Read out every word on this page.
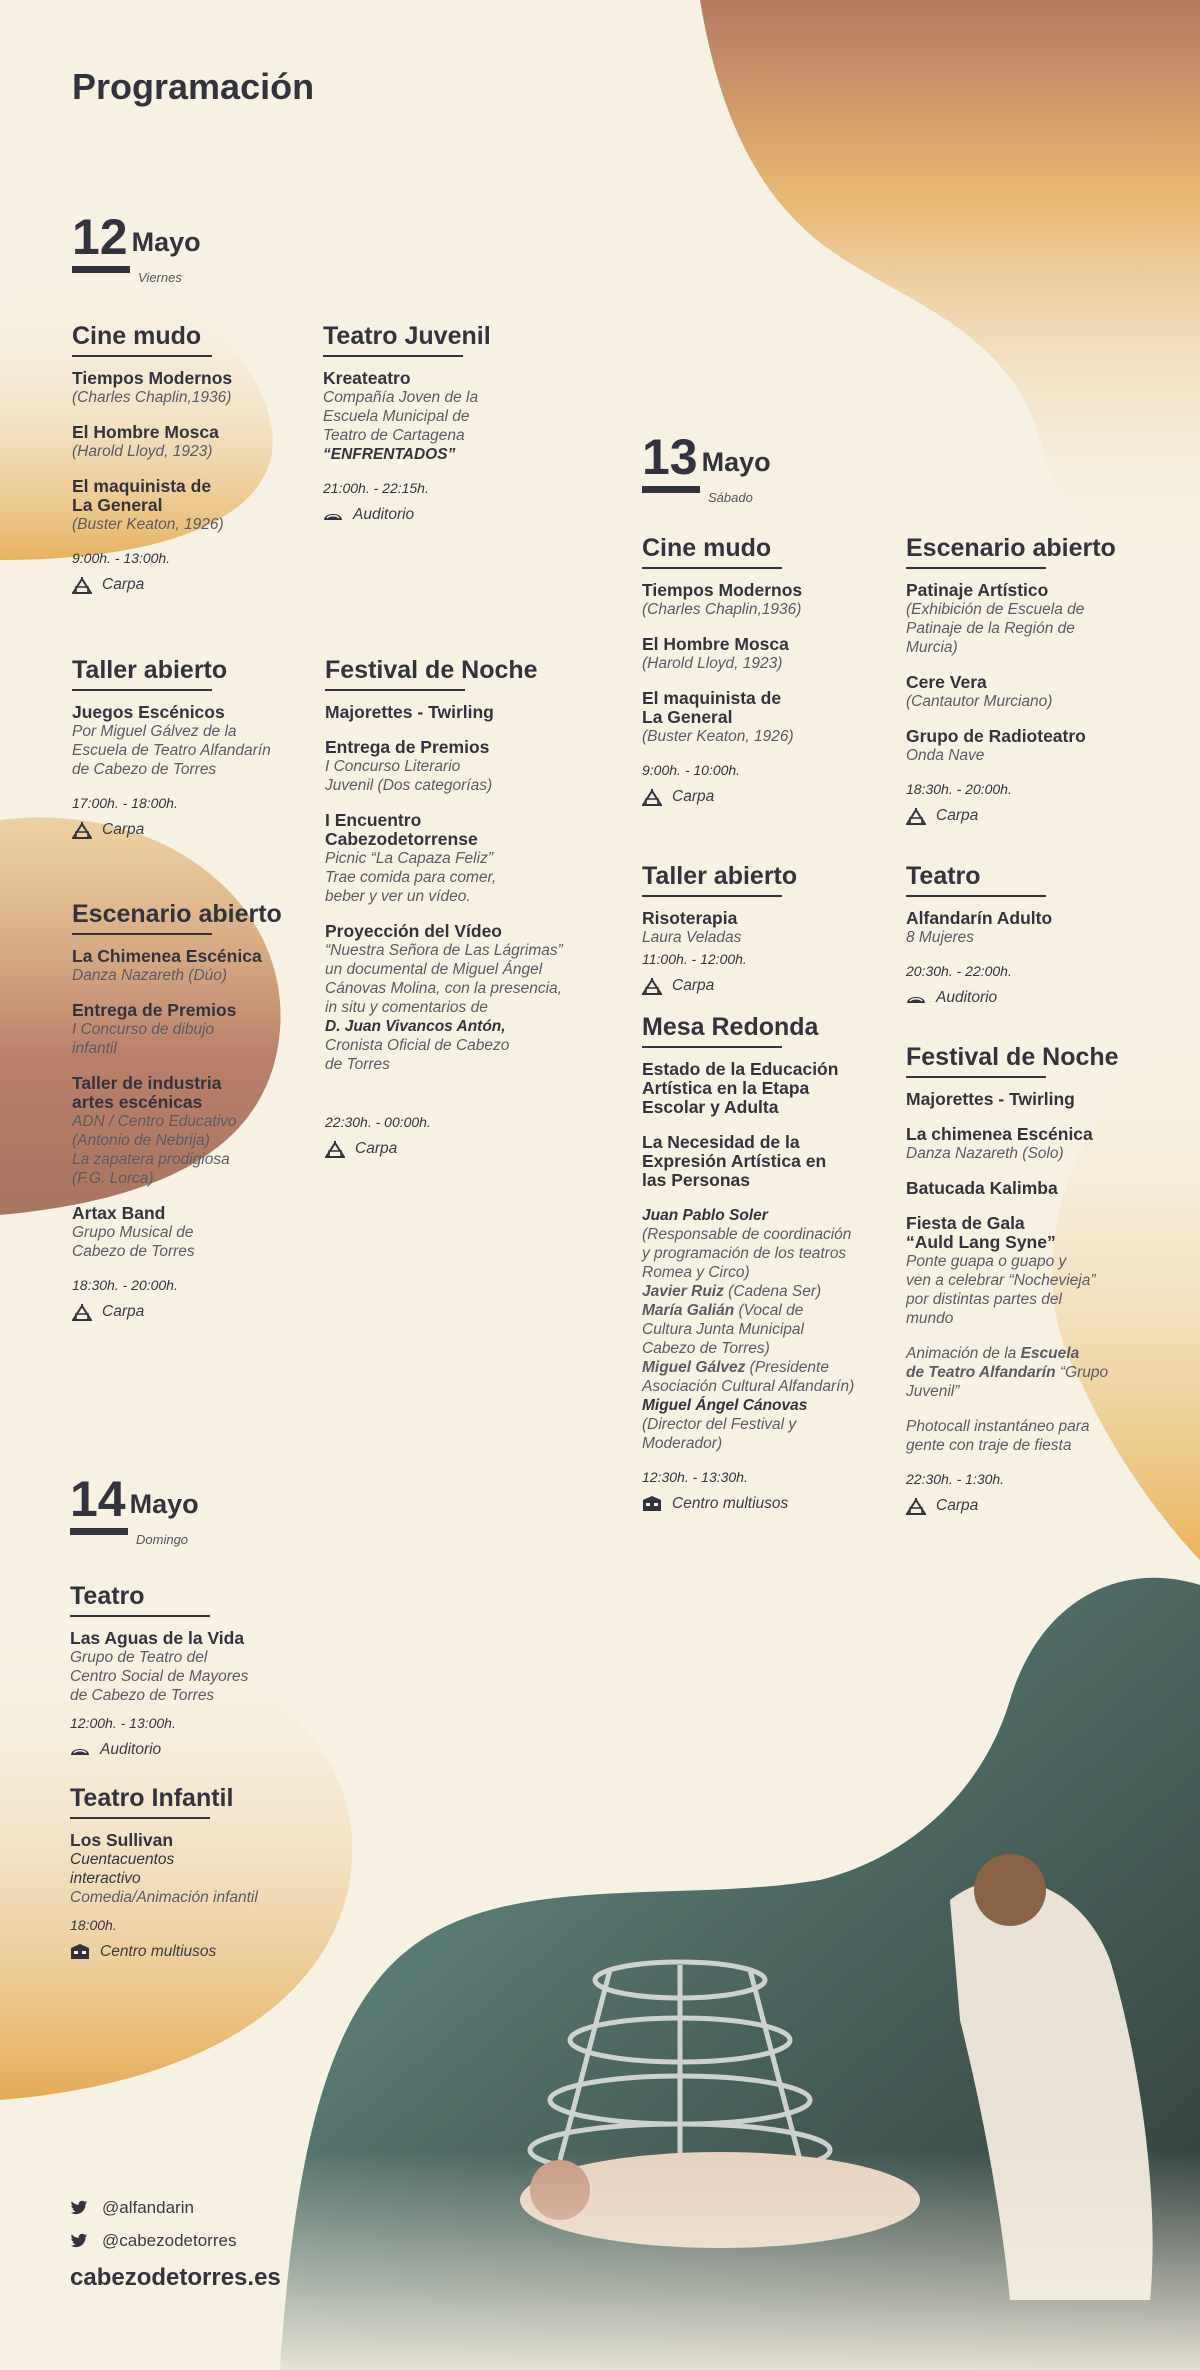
Programación
12 Mayo
Viernes
13 Mayo
Sábado
14 Mayo
Domingo
Cine mudo
Tiempos Modernos
(Charles Chaplin,1936)
El Hombre Mosca
(Harold Lloyd, 1923)
El maquinista de
La General
(Buster Keaton, 1926)
9:00h. - 13:00h.
Carpa
Teatro Juvenil
Kreateatro
Compañía Joven de la
Escuela Municipal de
Teatro de Cartagena
“ENFRENTADOS”
21:00h. - 22:15h.
Auditorio
Taller abierto
Juegos Escénicos
Por Miguel Gálvez de la
Escuela de Teatro Alfandarín
de Cabezo de Torres
17:00h. - 18:00h.
Carpa
Festival de Noche
Majorettes - Twirling
Entrega de Premios
I Concurso Literario
Juvenil (Dos categorías)
I Encuentro
Cabezodetorrense
Picnic “La Capaza Feliz”
Trae comida para comer,
beber y ver un vídeo.
Proyección del Vídeo
“Nuestra Señora de Las Lágrimas”
un documental de Miguel Ángel
Cánovas Molina, con la presencia,
in situ y comentarios de
D. Juan Vivancos Antón,
Cronista Oficial de Cabezo
de Torres
22:30h. - 00:00h.
Carpa
Escenario abierto
La Chimenea Escénica
Danza Nazareth (Dúo)
Entrega de Premios
I Concurso de dibujo
infantil
Taller de industria
artes escénicas
ADN / Centro Educativo
(Antonio de Nebrija)
La zapatera prodigiosa
(F.G. Lorca)
Artax Band
Grupo Musical de
Cabezo de Torres
18:30h. - 20:00h.
Carpa
Cine mudo
Tiempos Modernos
(Charles Chaplin,1936)
El Hombre Mosca
(Harold Lloyd, 1923)
El maquinista de
La General
(Buster Keaton, 1926)
9:00h. - 10:00h.
Carpa
Escenario abierto
Patinaje Artístico
(Exhibición de Escuela de
Patinaje de la Región de
Murcia)
Cere Vera
(Cantautor Murciano)
Grupo de Radioteatro
Onda Nave
18:30h. - 20:00h.
Carpa
Taller abierto
Risoterapia
Laura Veladas
11:00h. - 12:00h.
Carpa
Teatro
Alfandarín Adulto
8 Mujeres
20:30h. - 22:00h.
Auditorio
Mesa Redonda
Estado de la Educación
Artística en la Etapa
Escolar y Adulta
La Necesidad de la
Expresión Artística en
las Personas
Juan Pablo Soler
(Responsable de coordinación
y programación de los teatros
Romea y Circo)
Javier Ruiz (Cadena Ser)
María Galián (Vocal de
Cultura Junta Municipal
Cabezo de Torres)
Miguel Gálvez (Presidente
Asociación Cultural Alfandarín)
Miguel Ángel Cánovas
(Director del Festival y
Moderador)
12:30h. - 13:30h.
Centro multiusos
Festival de Noche
Majorettes - Twirling
La chimenea Escénica
Danza Nazareth (Solo)
Batucada Kalimba
Fiesta de Gala
“Auld Lang Syne”
Ponte guapa o guapo y
ven a celebrar “Nochevieja”
por distintas partes del
mundo
Animación de la Escuela
de Teatro Alfandarín “Grupo
Juvenil”
Photocall instantáneo para
gente con traje de fiesta
22:30h. - 1:30h.
Carpa
Teatro
Las Aguas de la Vida
Grupo de Teatro del
Centro Social de Mayores
de Cabezo de Torres
12:00h. - 13:00h.
Auditorio
Teatro Infantil
Los Sullivan
Cuentacuentos
interactivo
Comedia/Animación infantil
18:00h.
Centro multiusos
@alfandarin
@cabezodetorres
cabezodetorres.es
